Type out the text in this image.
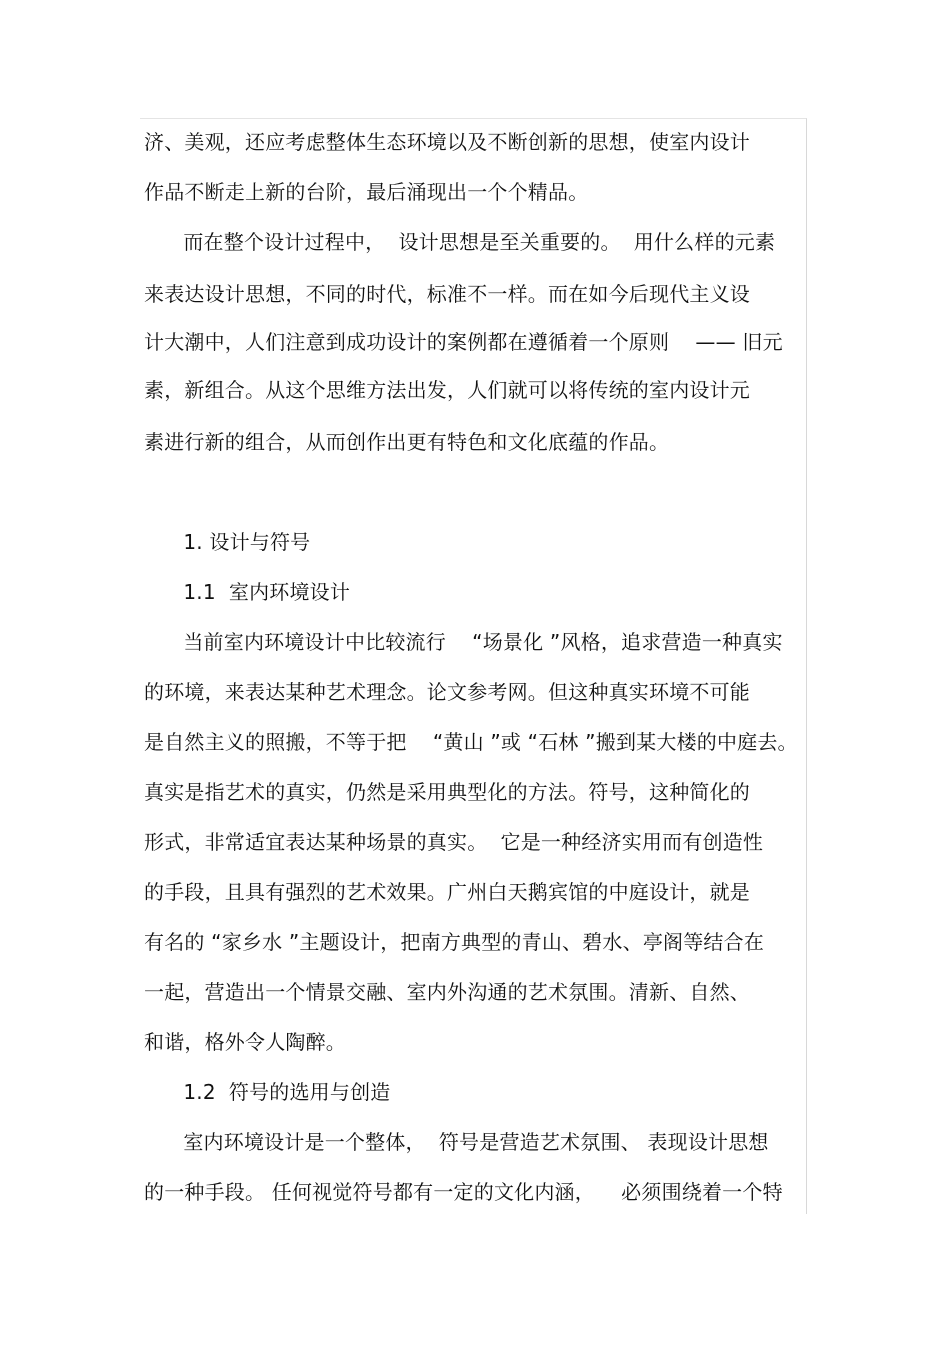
济、美观，还应考虑整体生态环境以及不断创新的思想，使室内设计
作品不断走上新的台阶，最后涌现出一个个精品。
而在整个设计过程中，  设计思想是至关重要的。  用什么样的元素
来表达设计思想，不同的时代，标准不一样。而在如今后现代主义设
计大潮中，人们注意到成功设计的案例都在遵循着一个原则    —— 旧元
素，新组合。从这个思维方法出发，人们就可以将传统的室内设计元
素进行新的组合，从而创作出更有特色和文化底蕴的作品。
1. 设计与符号
1.1  室内环境设计
当前室内环境设计中比较流行    “场景化 ”风格，追求营造一种真实
的环境，来表达某种艺术理念。论文参考网。但这种真实环境不可能
是自然主义的照搬，不等于把    “黄山 ”或 “石林 ”搬到某大楼的中庭去。
真实是指艺术的真实，仍然是采用典型化的方法。符号，这种简化的
形式，非常适宜表达某种场景的真实。  它是一种经济实用而有创造性
的手段，且具有强烈的艺术效果。广州白天鹅宾馆的中庭设计，就是
有名的 “家乡水 ”主题设计，把南方典型的青山、碧水、亭阁等结合在
一起，营造出一个情景交融、室内外沟通的艺术氛围。清新、自然、
和谐，格外令人陶醉。
1.2  符号的选用与创造
室内环境设计是一个整体，  符号是营造艺术氛围、 表现设计思想
的一种手段。 任何视觉符号都有一定的文化内涵，    必须围绕着一个特
